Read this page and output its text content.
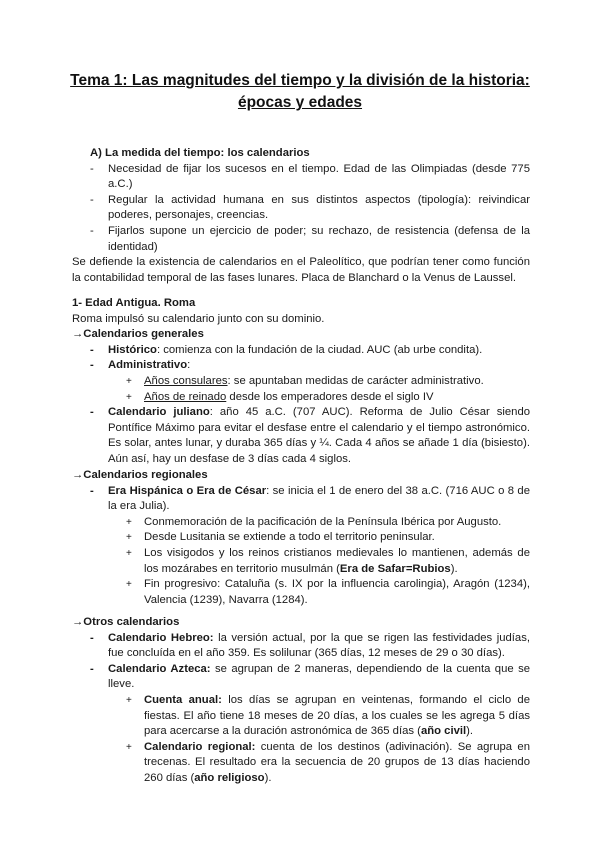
Tema 1: Las magnitudes del tiempo y la división de la historia:
épocas y edades
A) La medida del tiempo: los calendarios
- Necesidad de fijar los sucesos en el tiempo. Edad de las Olimpiadas (desde 775 a.C.)
- Regular la actividad humana en sus distintos aspectos (tipología): reivindicar poderes, personajes, creencias.
- Fijarlos supone un ejercicio de poder; su rechazo, de resistencia (defensa de la identidad)
Se defiende la existencia de calendarios en el Paleolítico, que podrían tener como función la contabilidad temporal de las fases lunares. Placa de Blanchard o la Venus de Laussel.
1- Edad Antigua. Roma
Roma impulsó su calendario junto con su dominio.
→Calendarios generales
- Histórico: comienza con la fundación de la ciudad. AUC (ab urbe condita).
- Administrativo:
+ Años consulares: se apuntaban medidas de carácter administrativo.
+ Años de reinado desde los emperadores desde el siglo IV
- Calendario juliano: año 45 a.C. (707 AUC). Reforma de Julio César siendo Pontífice Máximo para evitar el desfase entre el calendario y el tiempo astronómico. Es solar, antes lunar, y duraba 365 días y ¼. Cada 4 años se añade 1 día (bisiesto). Aún así, hay un desfase de 3 días cada 4 siglos.
→Calendarios regionales
- Era Hispánica o Era de César: se inicia el 1 de enero del 38 a.C. (716 AUC o 8 de la era Julia).
+ Conmemoración de la pacificación de la Península Ibérica por Augusto.
+ Desde Lusitania se extiende a todo el territorio peninsular.
+ Los visigodos y los reinos cristianos medievales lo mantienen, además de los mozárabes en territorio musulmán (Era de Safar=Rubios).
+ Fin progresivo: Cataluña (s. IX por la influencia carolingia), Aragón (1234), Valencia (1239), Navarra (1284).
→Otros calendarios
- Calendario Hebreo: la versión actual, por la que se rigen las festividades judías, fue concluída en el año 359. Es solilunar (365 días, 12 meses de 29 o 30 días).
- Calendario Azteca: se agrupan de 2 maneras, dependiendo de la cuenta que se lleve.
+ Cuenta anual: los días se agrupan en veintenas, formando el ciclo de fiestas. El año tiene 18 meses de 20 días, a los cuales se les agrega 5 días para acercarse a la duración astronómica de 365 días (año civil).
+ Calendario regional: cuenta de los destinos (adivinación). Se agrupa en trecenas. El resultado era la secuencia de 20 grupos de 13 días haciendo 260 días (año religioso).
